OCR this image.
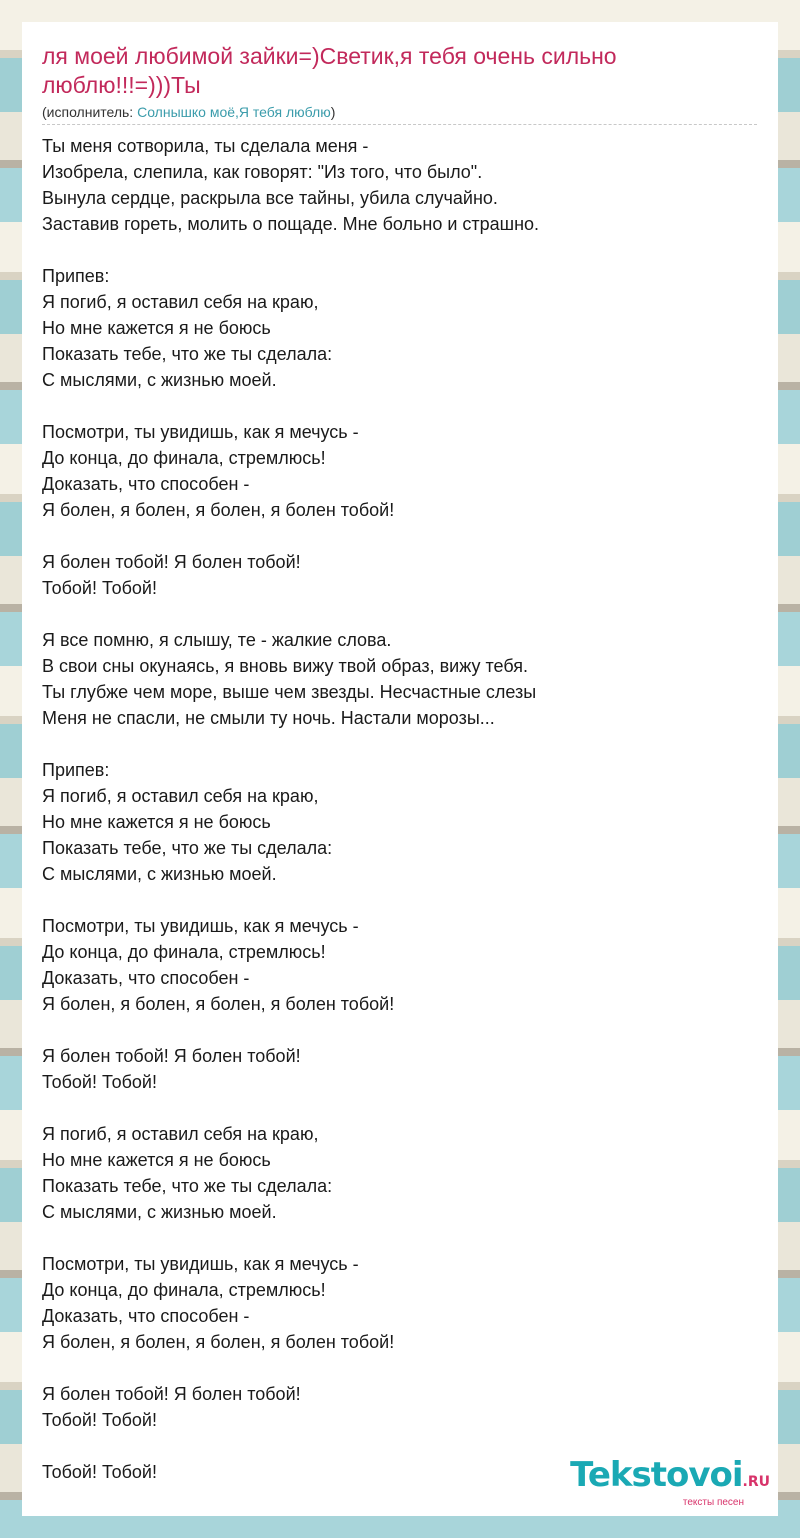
ля моей любимой зайки=)Светик,я тебя очень сильно люблю!!!=)))Ты
(исполнитель: Солнышко моё,Я тебя люблю)
Ты меня сотворила, ты сделала меня -
Изобрела, слепила, как говорят: "Из того, что было".
Вынула сердце, раскрыла все тайны, убила случайно.
Заставив гореть, молить о пощаде. Мне больно и страшно.
Припев:
Я погиб, я оставил себя на краю,
Но мне кажется я не боюсь
Показать тебе, что же ты сделала:
С мыслями, с жизнью моей.
Посмотри, ты увидишь, как я мечусь -
До конца, до финала, стремлюсь!
Доказать, что способен -
Я болен, я болен, я болен, я болен тобой!
Я болен тобой! Я болен тобой!
Тобой! Тобой!
Я все помню, я слышу, те - жалкие слова.
В свои сны окунаясь, я вновь вижу твой образ, вижу тебя.
Ты глубже чем море, выше чем звезды. Несчастные слезы
Меня не спасли, не смыли ту ночь. Настали морозы...
Припев:
Я погиб, я оставил себя на краю,
Но мне кажется я не боюсь
Показать тебе, что же ты сделала:
С мыслями, с жизнью моей.
Посмотри, ты увидишь, как я мечусь -
До конца, до финала, стремлюсь!
Доказать, что способен -
Я болен, я болен, я болен, я болен тобой!
Я болен тобой! Я болен тобой!
Тобой! Тобой!
Я погиб, я оставил себя на краю,
Но мне кажется я не боюсь
Показать тебе, что же ты сделала:
С мыслями, с жизнью моей.
Посмотри, ты увидишь, как я мечусь -
До конца, до финала, стремлюсь!
Доказать, что способен -
Я болен, я болен, я болен, я болен тобой!
Я болен тобой! Я болен тобой!
Тобой! Тобой!
Тобой! Тобой!	Tekstovoi.RU
тексты песен
